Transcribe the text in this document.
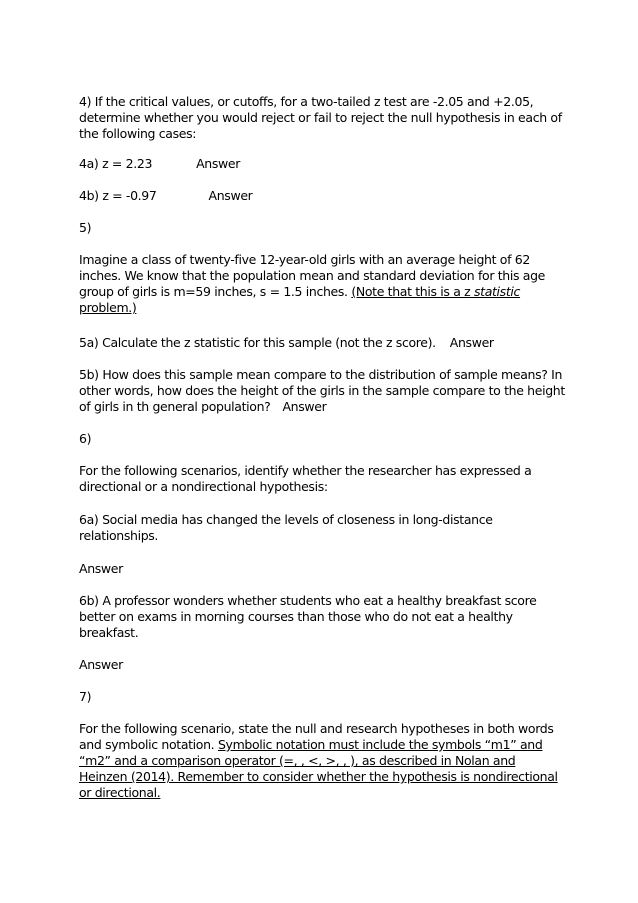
4) If the critical values, or cutoffs, for a two-tailed z test are -2.05 and +2.05, determine whether you would reject or fail to reject the null hypothesis in each of the following cases:

4a) z = 2.23	Answer

4b) z = -0.97	Answer

5)

Imagine a class of twenty-five 12-year-old girls with an average height of 62 inches. We know that the population mean and standard deviation for this age group of girls is m=59 inches, s = 1.5 inches. (Note that this is a z statistic problem.)

5a) Calculate the z statistic for this sample (not the z score). Answer

5b) How does this sample mean compare to the distribution of sample means? In other words, how does the height of the girls in the sample compare to the height of girls in th general population? Answer

6)

For the following scenarios, identify whether the researcher has expressed a directional or a nondirectional hypothesis:

6a) Social media has changed the levels of closeness in long-distance relationships.

Answer

6b) A professor wonders whether students who eat a healthy breakfast score better on exams in morning courses than those who do not eat a healthy breakfast.

Answer

7)

For the following scenario, state the null and research hypotheses in both words and symbolic notation. Symbolic notation must include the symbols “m1” and “m2” and a comparison operator (=, , <, >, , ), as described in Nolan and Heinzen (2014). Remember to consider whether the hypothesis is nondirectional or directional.
